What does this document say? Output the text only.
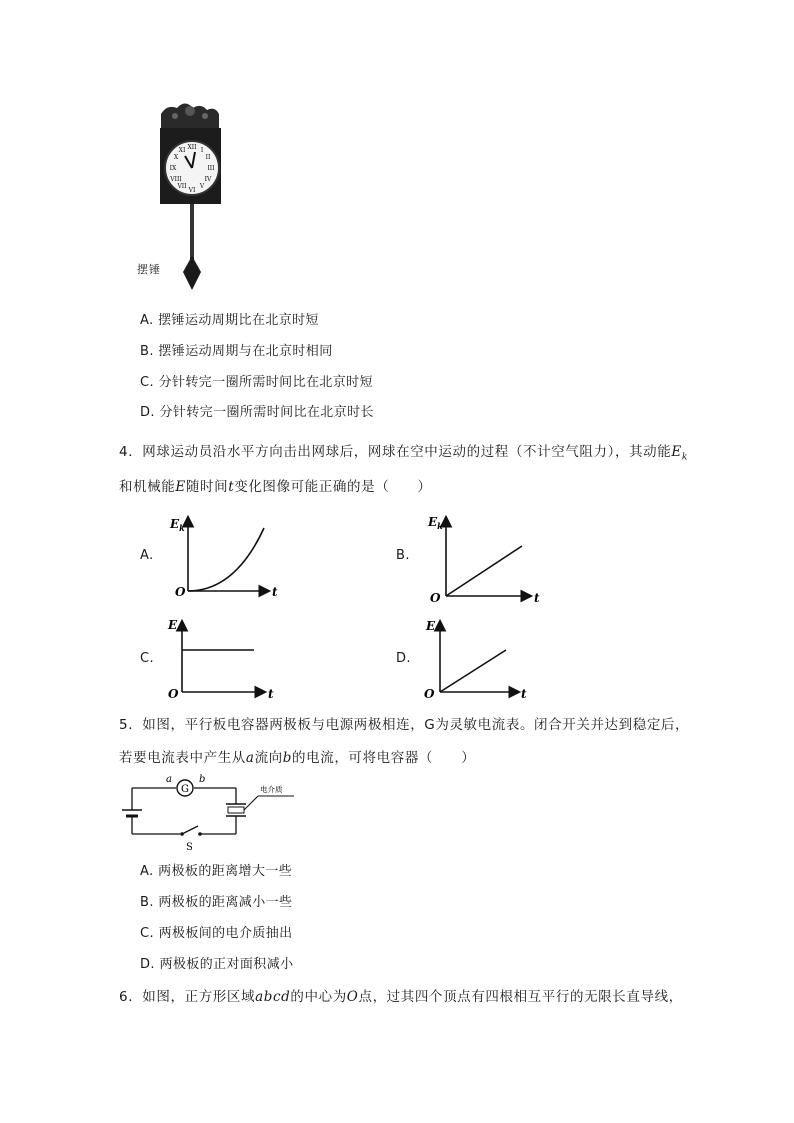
XII
III
VI
IX
I
II
IV
V
VII
VIII
X
XI
摆锤
A. 摆锤运动周期比在北京时短
B. 摆锤运动周期与在北京时相同
C. 分针转完一圈所需时间比在北京时短
D. 分针转完一圈所需时间比在北京时长
4．网球运动员沿水平方向击出网球后，网球在空中运动的过程（不计空气阻力），其动能$E_k$
和机械能E随时间t变化图像可能正确的是（　　）
A.
$E_k$
O	t
B.
$E_k$
O	t
C.
E
O	t
D.
E
O	t
5．如图，平行板电容器两极板与电源两极相连，G为灵敏电流表。闭合开关并达到稳定后，
若要电流表中产生从a流向b的电流，可将电容器（　　）
G
a	b
S
电介质
A. 两极板的距离增大一些
B. 两极板的距离减小一些
C. 两极板间的电介质抽出
D. 两极板的正对面积减小
6．如图，正方形区域abcd的中心为O点，过其四个顶点有四根相互平行的无限长直导线，
